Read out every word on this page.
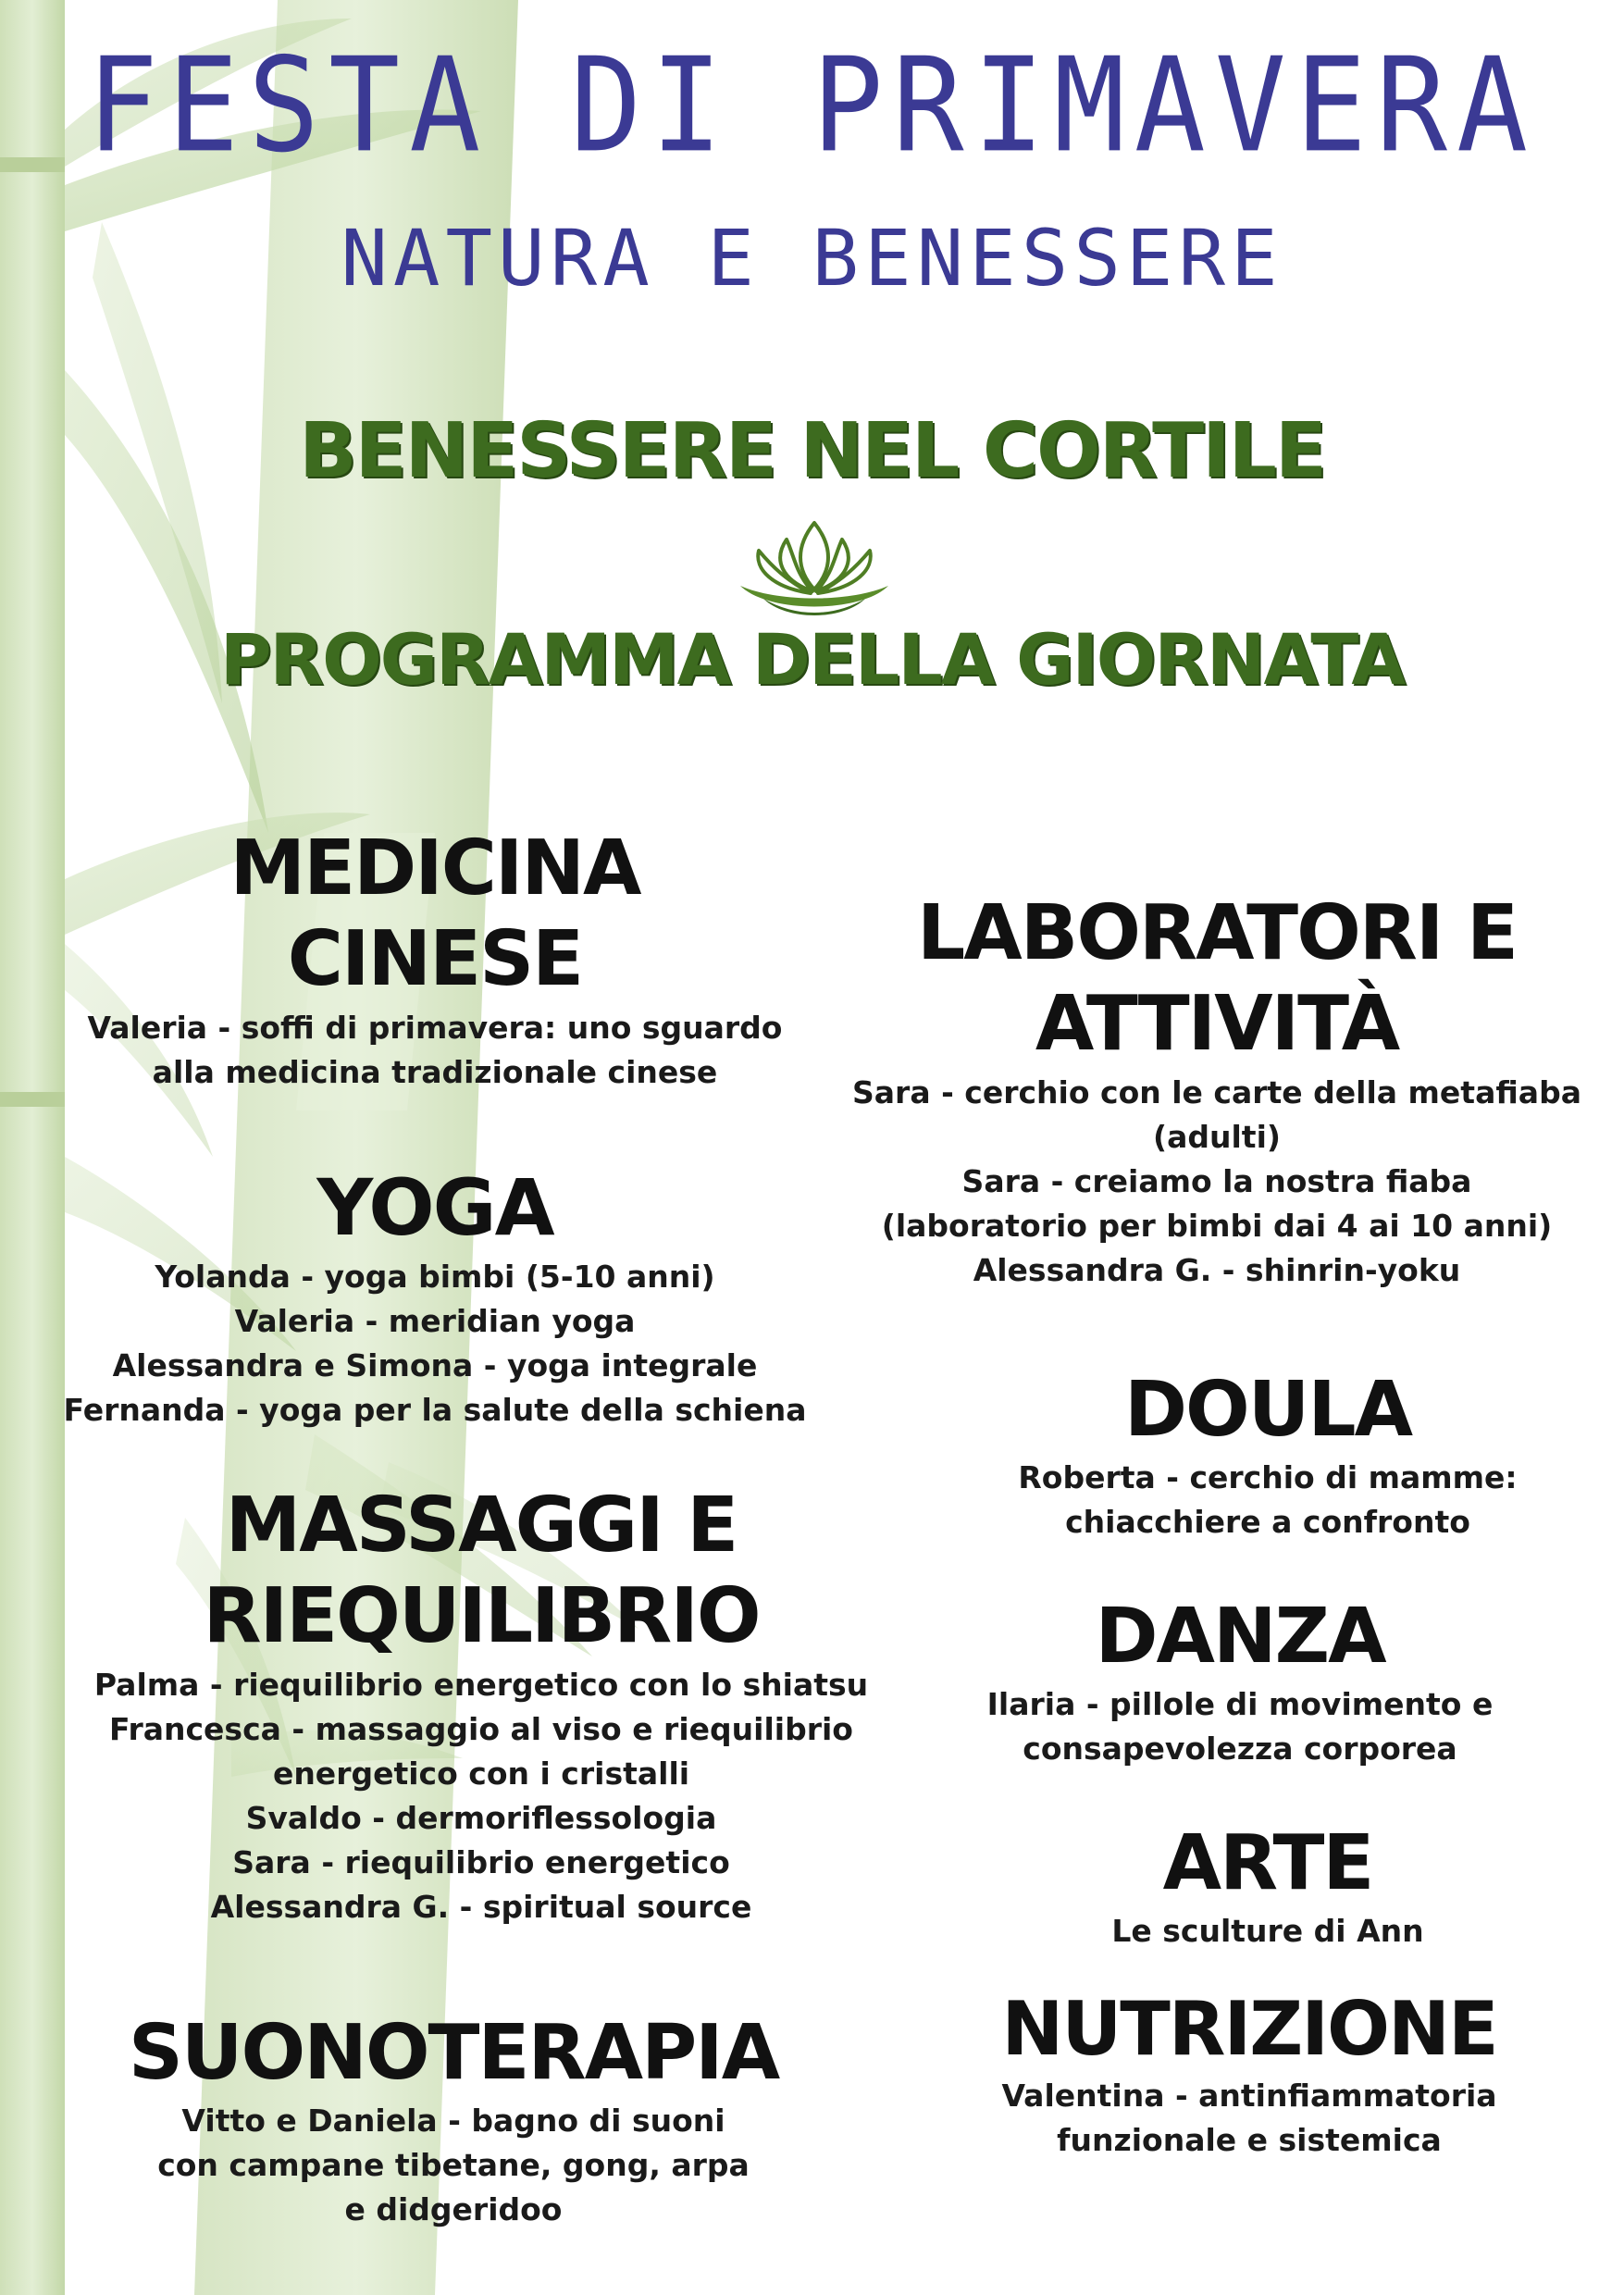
FESTA DI PRIMAVERA
NATURA E BENESSERE
BENESSERE NEL CORTILE
PROGRAMMA DELLA GIORNATA
MEDICINA
CINESE

Valeria - soffi di primavera: uno sguardo
alla medicina tradizionale cinese

YOGA

Yolanda - yoga bimbi (5-10 anni)
Valeria - meridian yoga
Alessandra e Simona - yoga integrale
Fernanda - yoga per la salute della schiena

MASSAGGI E
RIEQUILIBRIO

Palma - riequilibrio energetico con lo shiatsu
Francesca - massaggio al viso e riequilibrio
energetico con i cristalli
Svaldo - dermoriflessologia
Sara - riequilibrio energetico
Alessandra G. - spiritual source

SUONOTERAPIA

Vitto e Daniela - bagno di suoni
con campane tibetane, gong, arpa
e didgeridoo

LABORATORI E
ATTIVITÀ

Sara - cerchio con le carte della metafiaba
(adulti)
Sara - creiamo la nostra fiaba
(laboratorio per bimbi dai 4 ai 10 anni)
Alessandra G. - shinrin-yoku

DOULA

Roberta - cerchio di mamme:
chiacchiere a confronto

DANZA

Ilaria - pillole di movimento e
consapevolezza corporea

ARTE

Le sculture di Ann

NUTRIZIONE

Valentina - antinfiammatoria
funzionale e sistemica
